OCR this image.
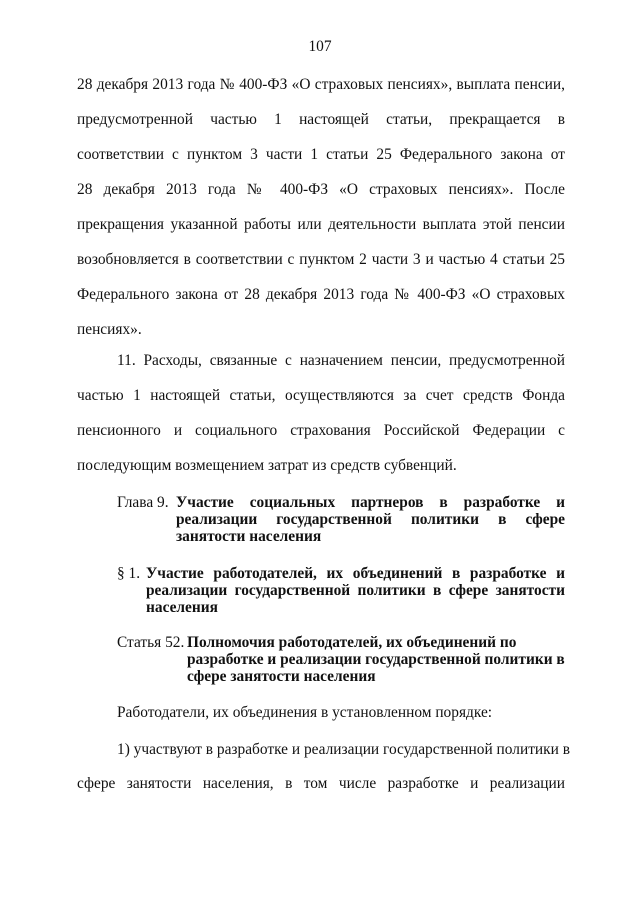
107
28 декабря 2013 года № 400-ФЗ «О страховых пенсиях», выплата пенсии,
предусмотренной частью 1 настоящей статьи, прекращается в
соответствии с пунктом 3 части 1 статьи 25 Федерального закона от
28 декабря 2013 года № 400-ФЗ «О страховых пенсиях». После
прекращения указанной работы или деятельности выплата этой пенсии
возобновляется в соответствии с пунктом 2 части 3 и частью 4 статьи 25
Федерального закона от 28 декабря 2013 года № 400-ФЗ «О страховых
пенсиях».
11. Расходы, связанные с назначением пенсии, предусмотренной
частью 1 настоящей статьи, осуществляются за счет средств Фонда
пенсионного и социального страхования Российской Федерации с
последующим возмещением затрат из средств субвенций.
Глава 9. Участие социальных партнеров в разработке и
реализации государственной политики в сфере
занятости населения
§ 1. Участие работодателей, их объединений в разработке и
реализации государственной политики в сфере занятости
населения
Статья 52. Полномочия работодателей, их объединений по
разработке и реализации государственной политики в
сфере занятости населения
Работодатели, их объединения в установленном порядке:
1) участвуют в разработке и реализации государственной политики в
сфере занятости населения, в том числе разработке и реализации
